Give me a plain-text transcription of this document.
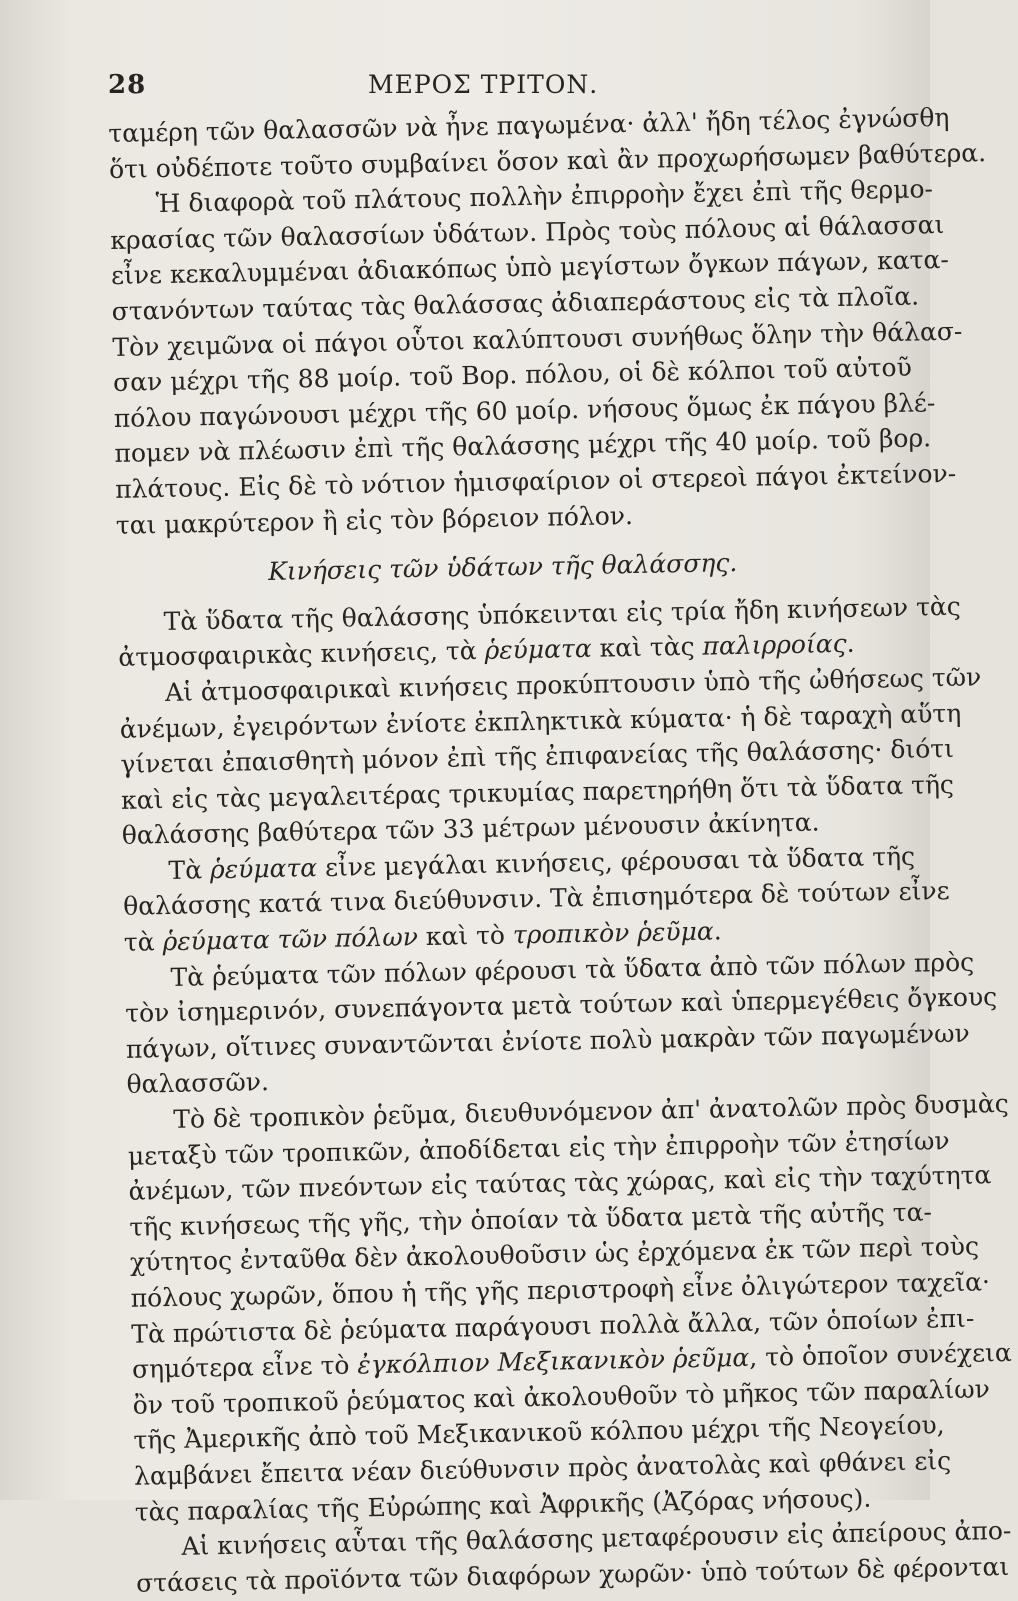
28	ΜΕΡΟΣ ΤΡΙΤΟΝ.
ταμέρη τῶν θαλασσῶν νὰ ἦνε παγωμένα· ἀλλ' ἤδη τέλος ἐγνώσθη
ὅτι οὐδέποτε τοῦτο συμβαίνει ὅσον καὶ ἂν προχωρήσωμεν βαθύτερα.
Ἡ διαφορὰ τοῦ πλάτους πολλὴν ἐπιρροὴν ἔχει ἐπὶ τῆς θερμο-
κρασίας τῶν θαλασσίων ὑδάτων. Πρὸς τοὺς πόλους αἱ θάλασσαι
εἶνε κεκαλυμμέναι ἀδιακόπως ὑπὸ μεγίστων ὄγκων πάγων, κατα-
στανόντων ταύτας τὰς θαλάσσας ἀδιαπεράστους εἰς τὰ πλοῖα.
Τὸν χειμῶνα οἱ πάγοι οὗτοι καλύπτουσι συνήθως ὅλην τὴν θάλασ-
σαν μέχρι τῆς 88 μοίρ. τοῦ Βορ. πόλου, οἱ δὲ κόλποι τοῦ αὐτοῦ
πόλου παγώνουσι μέχρι τῆς 60 μοίρ. νήσους ὅμως ἐκ πάγου βλέ-
πομεν νὰ πλέωσιν ἐπὶ τῆς θαλάσσης μέχρι τῆς 40 μοίρ. τοῦ βορ.
πλάτους. Εἰς δὲ τὸ νότιον ἡμισφαίριον οἱ στερεοὶ πάγοι ἐκτείνον-
ται μακρύτερον ἢ εἰς τὸν βόρειον πόλον.
Κινήσεις τῶν ὑδάτων τῆς θαλάσσης.
Τὰ ὕδατα τῆς θαλάσσης ὑπόκεινται εἰς τρία ἤδη κινήσεων τὰς
ἀτμοσφαιρικὰς κινήσεις, τὰ ῥεύματα καὶ τὰς παλιρροίας.
Αἱ ἀτμοσφαιρικαὶ κινήσεις προκύπτουσιν ὑπὸ τῆς ὠθήσεως τῶν
ἀνέμων, ἐγειρόντων ἐνίοτε ἐκπληκτικὰ κύματα· ἡ δὲ ταραχὴ αὕτη
γίνεται ἐπαισθητὴ μόνον ἐπὶ τῆς ἐπιφανείας τῆς θαλάσσης· διότι
καὶ εἰς τὰς μεγαλειτέρας τρικυμίας παρετηρήθη ὅτι τὰ ὕδατα τῆς
θαλάσσης βαθύτερα τῶν 33 μέτρων μένουσιν ἀκίνητα.
Τὰ ῥεύματα εἶνε μεγάλαι κινήσεις, φέρουσαι τὰ ὕδατα τῆς
θαλάσσης κατά τινα διεύθυνσιν. Τὰ ἐπισημότερα δὲ τούτων εἶνε
τὰ ῥεύματα τῶν πόλων καὶ τὸ τροπικὸν ῥεῦμα.
Τὰ ῥεύματα τῶν πόλων φέρουσι τὰ ὕδατα ἀπὸ τῶν πόλων πρὸς
τὸν ἰσημερινόν, συνεπάγοντα μετὰ τούτων καὶ ὑπερμεγέθεις ὄγκους
πάγων, οἵτινες συναντῶνται ἐνίοτε πολὺ μακρὰν τῶν παγωμένων
θαλασσῶν.
Τὸ δὲ τροπικὸν ῥεῦμα, διευθυνόμενον ἀπ' ἀνατολῶν πρὸς δυσμὰς
μεταξὺ τῶν τροπικῶν, ἀποδίδεται εἰς τὴν ἐπιρροὴν τῶν ἐτησίων
ἀνέμων, τῶν πνεόντων εἰς ταύτας τὰς χώρας, καὶ εἰς τὴν ταχύτητα
τῆς κινήσεως τῆς γῆς, τὴν ὁποίαν τὰ ὕδατα μετὰ τῆς αὐτῆς τα-
χύτητος ἐνταῦθα δὲν ἀκολουθοῦσιν ὡς ἐρχόμενα ἐκ τῶν περὶ τοὺς
πόλους χωρῶν, ὅπου ἡ τῆς γῆς περιστροφὴ εἶνε ὀλιγώτερον ταχεῖα·
Τὰ πρώτιστα δὲ ῥεύματα παράγουσι πολλὰ ἄλλα, τῶν ὁποίων ἐπι-
σημότερα εἶνε τὸ ἐγκόλπιον Μεξικανικὸν ῥεῦμα, τὸ ὁποῖον συνέχεια
ὂν τοῦ τροπικοῦ ῥεύματος καὶ ἀκολουθοῦν τὸ μῆκος τῶν παραλίων
τῆς Ἀμερικῆς ἀπὸ τοῦ Μεξικανικοῦ κόλπου μέχρι τῆς Νεογείου,
λαμβάνει ἔπειτα νέαν διεύθυνσιν πρὸς ἀνατολὰς καὶ φθάνει εἰς
τὰς παραλίας τῆς Εὐρώπης καὶ Ἀφρικῆς (Ἀζόρας νήσους).
Αἱ κινήσεις αὗται τῆς θαλάσσης μεταφέρουσιν εἰς ἀπείρους ἀπο-
στάσεις τὰ προϊόντα τῶν διαφόρων χωρῶν· ὑπὸ τούτων δὲ φέρονται
